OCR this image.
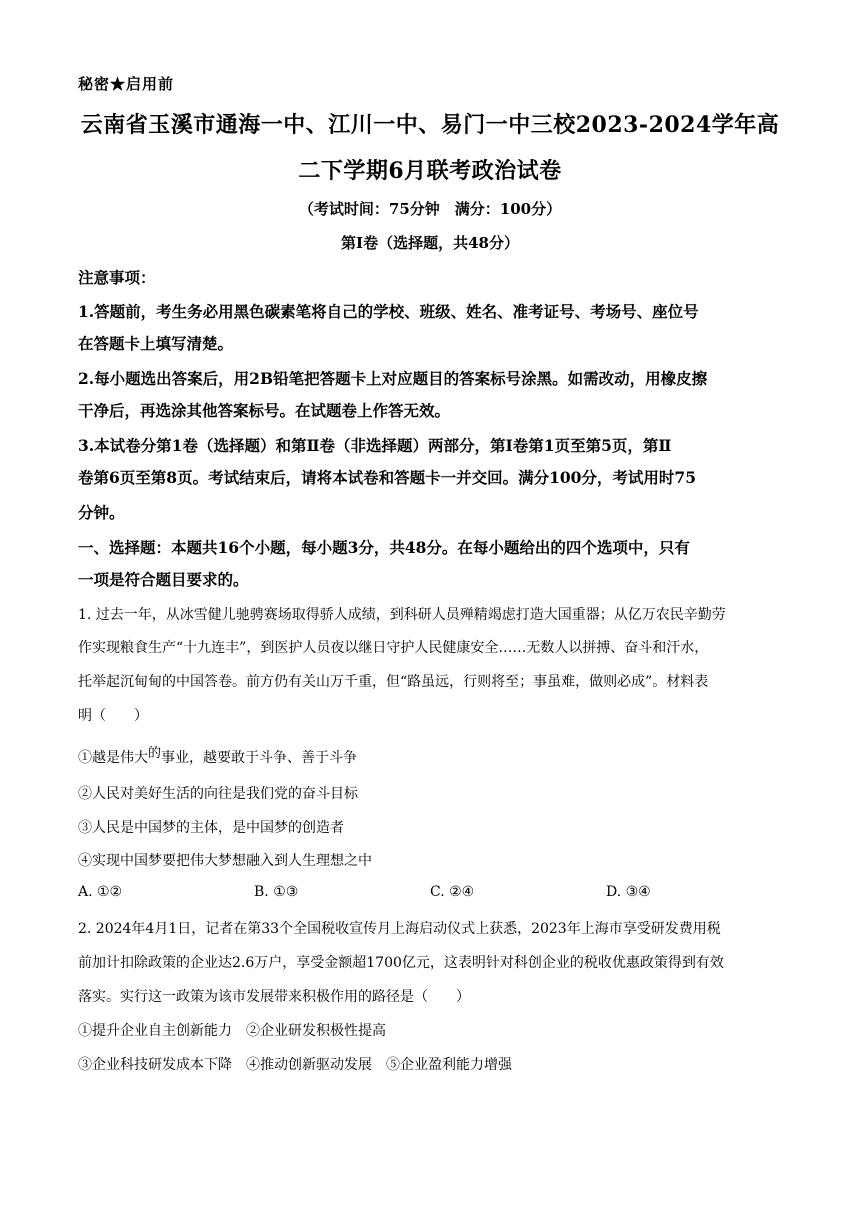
秘密★启用前
云南省玉溪市通海一中、江川一中、易门一中三校2023-2024学年高
二下学期6月联考政治试卷
（考试时间：75分钟　满分：100分）
第Ⅰ卷（选择题，共48分）
注意事项：
1.答题前，考生务必用黑色碳素笔将自己的学校、班级、姓名、准考证号、考场号、座位号
在答题卡上填写清楚。
2.每小题选出答案后，用2B铅笔把答题卡上对应题目的答案标号涂黑。如需改动，用橡皮擦
干净后，再选涂其他答案标号。在试题卷上作答无效。
3.本试卷分第1卷（选择题）和第Ⅱ卷（非选择题）两部分，第Ⅰ卷第1页至第5页，第Ⅱ
卷第6页至第8页。考试结束后，请将本试卷和答题卡一并交回。满分100分，考试用时75
分钟。
一、选择题：本题共16个小题，每小题3分，共48分。在每小题给出的四个选项中，只有
一项是符合题目要求的。
1. 过去一年，从冰雪健儿驰骋赛场取得骄人成绩，到科研人员殚精竭虑打造大国重器；从亿万农民辛勤劳
作实现粮食生产“十九连丰”，到医护人员夜以继日守护人民健康安全……无数人以拼搏、奋斗和汗水，
托举起沉甸甸的中国答卷。前方仍有关山万千重，但“路虽远，行则将至；事虽难，做则必成”。材料表
明（　　）
①越是伟大的事业，越要敢于斗争、善于斗争
②人民对美好生活的向往是我们党的奋斗目标
③人民是中国梦的主体，是中国梦的创造者
④实现中国梦要把伟大梦想融入到人生理想之中
A. ①②	B. ①③	C. ②④	D. ③④
2. 2024年4月1日，记者在第33个全国税收宣传月上海启动仪式上获悉，2023年上海市享受研发费用税
前加计扣除政策的企业达2.6万户，享受金额超1700亿元，这表明针对科创企业的税收优惠政策得到有效
落实。实行这一政策为该市发展带来积极作用的路径是（　　）
①提升企业自主创新能力　②企业研发积极性提高
③企业科技研发成本下降　④推动创新驱动发展　⑤企业盈利能力增强
